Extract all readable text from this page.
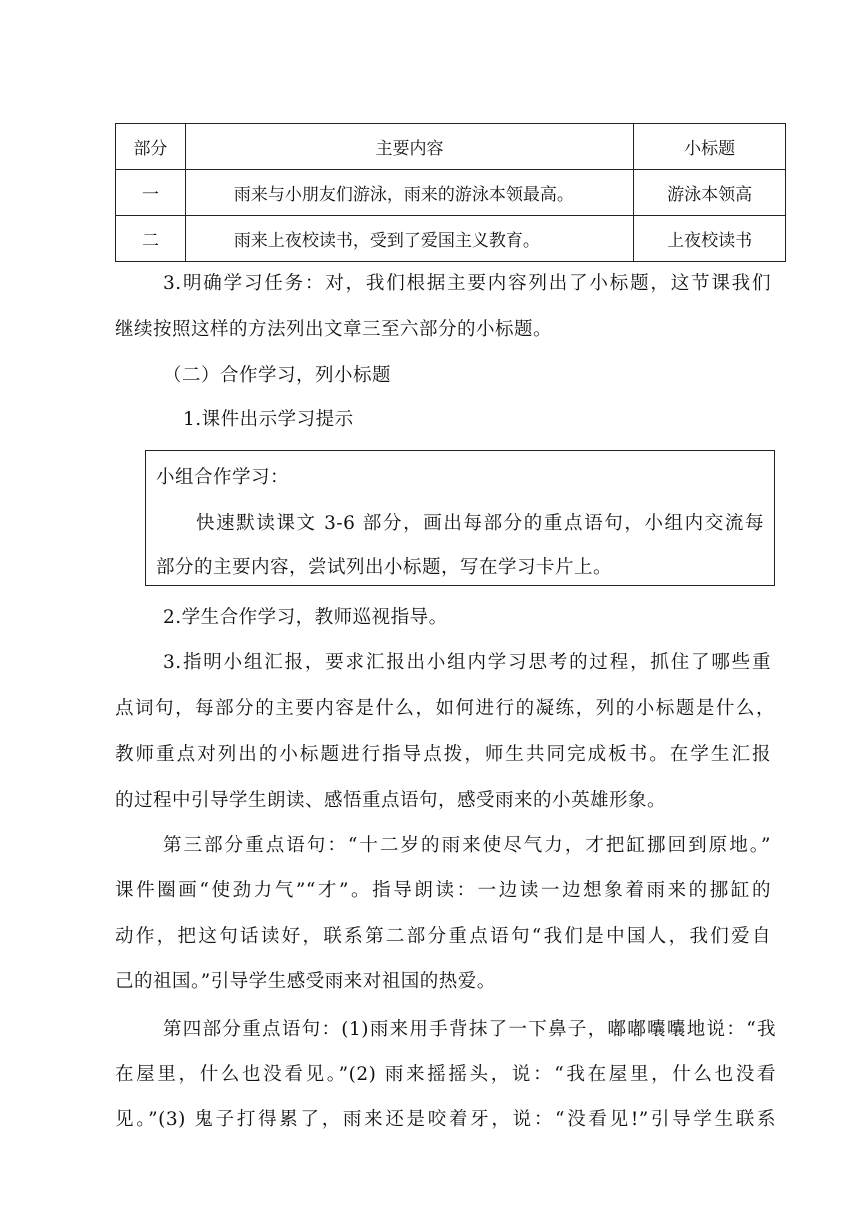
部分	主要内容	小标题
一	雨来与小朋友们游泳，雨来的游泳本领最高。	游泳本领高
二	雨来上夜校读书，受到了爱国主义教育。	上夜校读书
3.明确学习任务：对，我们根据主要内容列出了小标题，这节课我们
继续按照这样的方法列出文章三至六部分的小标题。
（二）合作学习，列小标题
1.课件出示学习提示
小组合作学习：
快速默读课文 3-6 部分，画出每部分的重点语句，小组内交流每
部分的主要内容，尝试列出小标题，写在学习卡片上。
2.学生合作学习，教师巡视指导。
3.指明小组汇报，要求汇报出小组内学习思考的过程，抓住了哪些重
点词句，每部分的主要内容是什么，如何进行的凝练，列的小标题是什么，
教师重点对列出的小标题进行指导点拨，师生共同完成板书。在学生汇报
的过程中引导学生朗读、感悟重点语句，感受雨来的小英雄形象。
第三部分重点语句：“十二岁的雨来使尽气力，才把缸挪回到原地。”
课件圈画“使劲力气”“才”。指导朗读：一边读一边想象着雨来的挪缸的
动作，把这句话读好，联系第二部分重点语句“我们是中国人，我们爱自
己的祖国。”引导学生感受雨来对祖国的热爱。
第四部分重点语句：(1)雨来用手背抹了一下鼻子，嘟嘟囔囔地说：“我
在屋里，什么也没看见。”(2) 雨来摇摇头，说：“我在屋里，什么也没看
见。”(3) 鬼子打得累了，雨来还是咬着牙，说：“没看见!”引导学生联系
